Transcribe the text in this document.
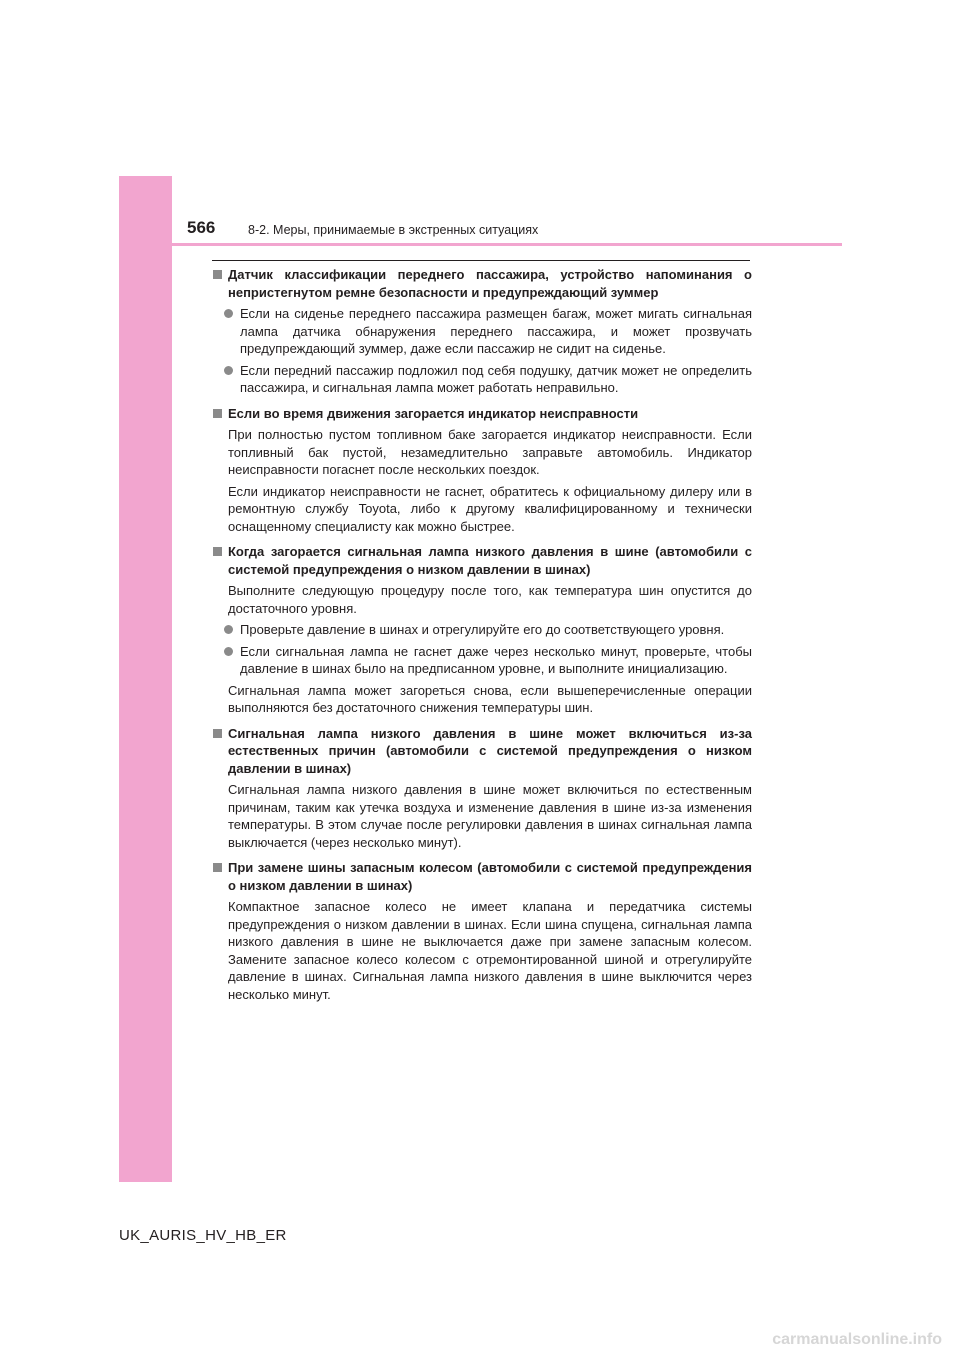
566	8-2. Меры, принимаемые в экстренных ситуациях
Датчик классификации переднего пассажира, устройство напоминания о непристегнутом ремне безопасности и предупреждающий зуммер
Если на сиденье переднего пассажира размещен багаж, может мигать сигнальная лампа датчика обнаружения переднего пассажира, и может прозвучать предупреждающий зуммер, даже если пассажир не сидит на сиденье.
Если передний пассажир подложил под себя подушку, датчик может не определить пассажира, и сигнальная лампа может работать неправильно.
Если во время движения загорается индикатор неисправности
При полностью пустом топливном баке загорается индикатор неисправности. Если топливный бак пустой, незамедлительно заправьте автомобиль. Индикатор неисправности погаснет после нескольких поездок.
Если индикатор неисправности не гаснет, обратитесь к официальному дилеру или в ремонтную службу Toyota, либо к другому квалифицированному и технически оснащенному специалисту как можно быстрее.
Когда загорается сигнальная лампа низкого давления в шине (автомобили с системой предупреждения о низком давлении в шинах)
Выполните следующую процедуру после того, как температура шин опустится до достаточного уровня.
Проверьте давление в шинах и отрегулируйте его до соответствующего уровня.
Если сигнальная лампа не гаснет даже через несколько минут, проверьте, чтобы давление в шинах было на предписанном уровне, и выполните инициализацию.
Сигнальная лампа может загореться снова, если вышеперечисленные операции выполняются без достаточного снижения температуры шин.
Сигнальная лампа низкого давления в шине может включиться из-за естественных причин (автомобили с системой предупреждения о низком давлении в шинах)
Сигнальная лампа низкого давления в шине может включиться по естественным причинам, таким как утечка воздуха и изменение давления в шине из-за изменения температуры. В этом случае после регулировки давления в шинах сигнальная лампа выключается (через несколько минут).
При замене шины запасным колесом (автомобили с системой предупреждения о низком давлении в шинах)
Компактное запасное колесо не имеет клапана и передатчика системы предупреждения о низком давлении в шинах. Если шина спущена, сигнальная лампа низкого давления в шине не выключается даже при замене запасным колесом. Замените запасное колесо колесом с отремонтированной шиной и отрегулируйте давление в шинах. Сигнальная лампа низкого давления в шине выключится через несколько минут.
UK_AURIS_HV_HB_ER
carmanualsonline.info
